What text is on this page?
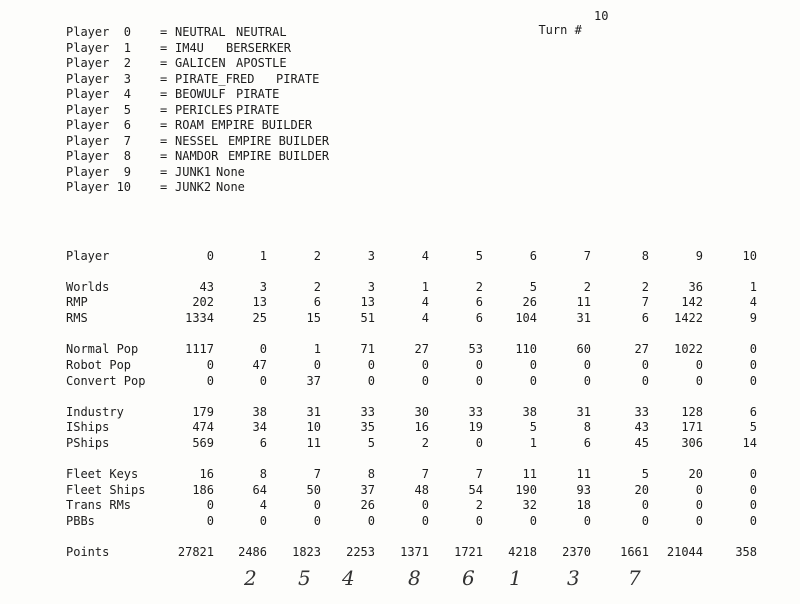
Turn #

10

Player  0 = NEUTRAL NEUTRAL
Player  1 = IM4U BERSERKER
Player  2 = GALICEN APOSTLE
Player  3 = PIRATE_FRED PIRATE
Player  4 = BEOWULF PIRATE
Player  5 = PERICLES PIRATE
Player  6 = ROAM EMPIRE BUILDER
Player  7 = NESSEL EMPIRE BUILDER
Player  8 = NAMDOR EMPIRE BUILDER
Player  9 = JUNK1 None
Player 10 = JUNK2 None
Player	0	1	2	3	4	5	6	7	8	9	10
Worlds	43	3	2	3	1	2	5	2	2	36	1
RMP	202	13	6	13	4	6	26	11	7	142	4
RMS	1334	25	15	51	4	6	104	31	6	1422	9
Normal Pop	1117	0	1	71	27	53	110	60	27	1022	0
Robot Pop	0	47	0	0	0	0	0	0	0	0	0
Convert Pop	0	0	37	0	0	0	0	0	0	0	0
Industry	179	38	31	33	30	33	38	31	33	128	6
IShips	474	34	10	35	16	19	5	8	43	171	5
PShips	569	6	11	5	2	0	1	6	45	306	14
Fleet Keys	16	8	7	8	7	7	11	11	5	20	0
Fleet Ships	186	64	50	37	48	54	190	93	20	0	0
Trans RMs	0	4	0	26	0	2	32	18	0	0	0
PBBs	0	0	0	0	0	0	0	0	0	0	0
Points	27821	2486	1823	2253	1371	1721	4218	2370	1661	21044	358
2 5 4	8 6 1 3 7
